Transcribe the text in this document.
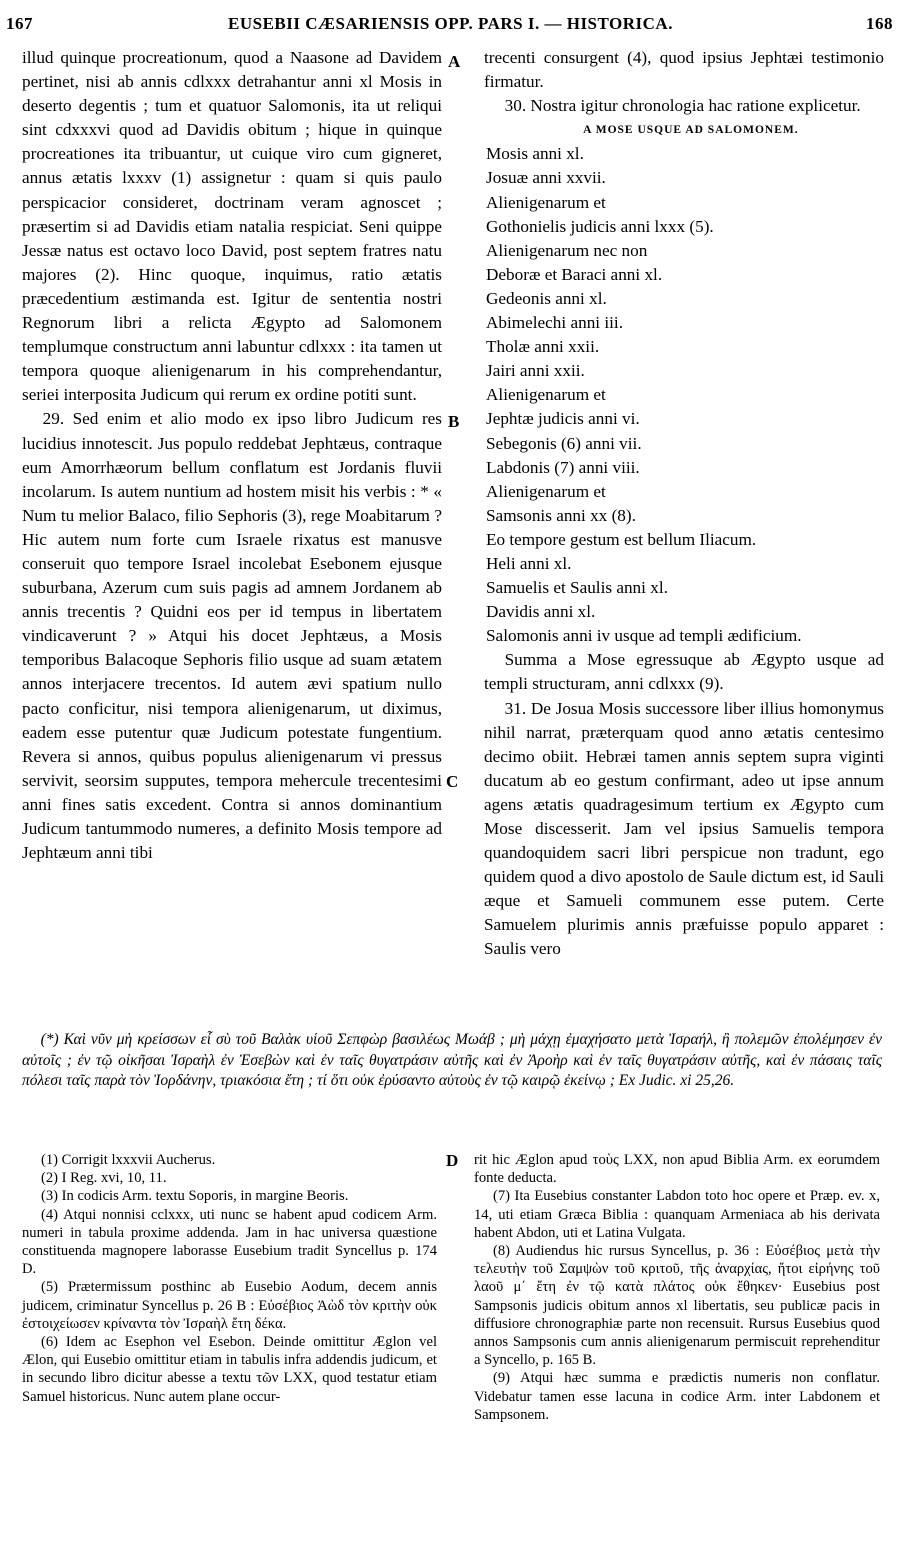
167	EUSEBII CÆSARIENSIS OPP. PARS I. — HISTORICA.	168
A
B
C
D

illud quinque procreationum, quod a Naasone ad Davidem pertinet, nisi ab annis cdlxxx detrahantur anni xl Mosis in deserto degentis ; tum et quatuor Salomonis, ita ut reliqui sint cdxxxvi quod ad Davidis obitum ; hique in quinque procreationes ita tribuantur, ut cuique viro cum gigneret, annus ætatis lxxxv (1) assignetur : quam si quis paulo perspicacior consideret, doctrinam veram agnoscet ; præsertim si ad Davidis etiam natalia respiciat. Seni quippe Jessæ natus est octavo loco David, post septem fratres natu majores (2). Hinc quoque, inquimus, ratio ætatis præcedentium æstimanda est. Igitur de sententia nostri Regnorum libri a relicta Ægypto ad Salomonem templumque constructum anni labuntur cdlxxx : ita tamen ut tempora quoque alienigenarum in his comprehendantur, seriei interposita Judicum qui rerum ex ordine potiti sunt.

29. Sed enim et alio modo ex ipso libro Judicum res lucidius innotescit. Jus populo reddebat Jephtæus, contraque eum Amorrhæorum bellum conflatum est Jordanis fluvii incolarum. Is autem nuntium ad hostem misit his verbis : * « Num tu melior Balaco, filio Sephoris (3), rege Moabitarum ? Hic autem num forte cum Israele rixatus est manusve conseruit quo tempore Israel incolebat Esebonem ejusque suburbana, Azerum cum suis pagis ad amnem Jordanem ab annis trecentis ? Quidni eos per id tempus in libertatem vindicaverunt ? » Atqui his docet Jephtæus, a Mosis temporibus Balacoque Sephoris filio usque ad suam ætatem annos interjacere trecentos. Id autem ævi spatium nullo pacto conficitur, nisi tempora alienigenarum, ut diximus, eadem esse putentur quæ Judicum potestate fungentium. Revera si annos, quibus populus alienigenarum vi pressus servivit, seorsim supputes, tempora mehercule trecentesimi anni fines satis excedent. Contra si annos dominantium Judicum tantummodo numeres, a definito Mosis tempore ad Jephtæum anni tibi

trecenti consurgent (4), quod ipsius Jephtæi testimonio firmatur.

30. Nostra igitur chronologia hac ratione explicetur.

A MOSE USQUE AD SALOMONEM.

Mosis anni xl.
Josuæ anni xxvii.
Alienigenarum et
Gothonielis judicis anni lxxx (5).
Alienigenarum nec non
Deboræ et Baraci anni xl.
Gedeonis anni xl.
Abimelechi anni iii.
Tholæ anni xxii.
Jairi anni xxii.
Alienigenarum et
Jephtæ judicis anni vi.
Sebegonis (6) anni vii.
Labdonis (7) anni viii.
Alienigenarum et
Samsonis anni xx (8).
Eo tempore gestum est bellum Iliacum.
Heli anni xl.
Samuelis et Saulis anni xl.
Davidis anni xl.
Salomonis anni iv usque ad templi ædificium.

Summa a Mose egressuque ab Ægypto usque ad templi structuram, anni cdlxxx (9).

31. De Josua Mosis successore liber illius homonymus nihil narrat, præterquam quod anno ætatis centesimo decimo obiit. Hebræi tamen annis septem supra viginti ducatum ab eo gestum confirmant, adeo ut ipse annum agens ætatis quadragesimum tertium ex Ægypto cum Mose discesserit. Jam vel ipsius Samuelis tempora quandoquidem sacri libri perspicue non tradunt, ego quidem quod a divo apostolo de Saule dictum est, id Sauli æque et Samueli communem esse putem. Certe Samuelem plurimis annis præfuisse populo apparet : Saulis vero

(*) Καὶ νῦν μὴ κρείσσων εἶ σὺ τοῦ Βαλὰκ υἱοῦ Σεπφὼρ βασιλέως Μωάβ ; μὴ μάχῃ ἐμαχήσατο μετὰ Ἰσραήλ, ἢ πολεμῶν ἐπολέμησεν ἐν αὐτοῖς ; ἐν τῷ οἰκῆσαι Ἰσραὴλ ἐν Ἐσεβὼν καὶ ἐν ταῖς θυγατράσιν αὐτῆς καὶ ἐν Ἀροὴρ καὶ ἐν ταῖς θυγατράσιν αὐτῆς, καὶ ἐν πάσαις ταῖς πόλεσι ταῖς παρὰ τὸν Ἰορδάνην, τριακόσια ἔτη ; τί ὅτι οὐκ ἐρύσαντο αὐτοὺς ἐν τῷ καιρῷ ἐκείνῳ ; Ex Judic. xi 25,26.

(1) Corrigit lxxxvii Aucherus.

(2) I Reg. xvi, 10, 11.

(3) In codicis Arm. textu Soporis, in margine Beoris.

(4) Atqui nonnisi cclxxx, uti nunc se habent apud codicem Arm. numeri in tabula proxime addenda. Jam in hac universa quæstione constituenda magnopere laborasse Eusebium tradit Syncellus p. 174 D.

(5) Prætermissum posthinc ab Eusebio Aodum, decem annis judicem, criminatur Syncellus p. 26 B : Εὐσέβιος Ἀὼδ τὸν κριτὴν οὐκ ἐστοιχείωσεν κρίναντα τὸν Ἰσραὴλ ἔτη δέκα.

(6) Idem ac Esephon vel Esebon. Deinde omittitur Æglon vel Ælon, qui Eusebio omittitur etiam in tabulis infra addendis judicum, et in secundo libro dicitur abesse a textu τῶν LXX, quod testatur etiam Samuel historicus. Nunc autem plane occur-

rit hic Æglon apud τοὺς LXX, non apud Biblia Arm. ex eorumdem fonte deducta.

(7) Ita Eusebius constanter Labdon toto hoc opere et Præp. ev. x, 14, uti etiam Græca Biblia : quanquam Armeniaca ab his derivata habent Abdon, uti et Latina Vulgata.

(8) Audiendus hic rursus Syncellus, p. 36 : Εὐσέβιος μετὰ τὴν τελευτὴν τοῦ Σαμψὼν τοῦ κριτοῦ, τῆς ἀναρχίας, ἤτοι εἰρήνης τοῦ λαοῦ μ΄ ἔτη ἐν τῷ κατὰ πλάτος οὐκ ἔθηκεν· Eusebius post Sampsonis judicis obitum annos xl libertatis, seu publicæ pacis in diffusiore chronographiæ parte non recensuit. Rursus Eusebius quod annos Sampsonis cum annis alienigenarum permiscuit reprehenditur a Syncello, p. 165 B.

(9) Atqui hæc summa e prædictis numeris non conflatur. Videbatur tamen esse lacuna in codice Arm. inter Labdonem et Sampsonem.
